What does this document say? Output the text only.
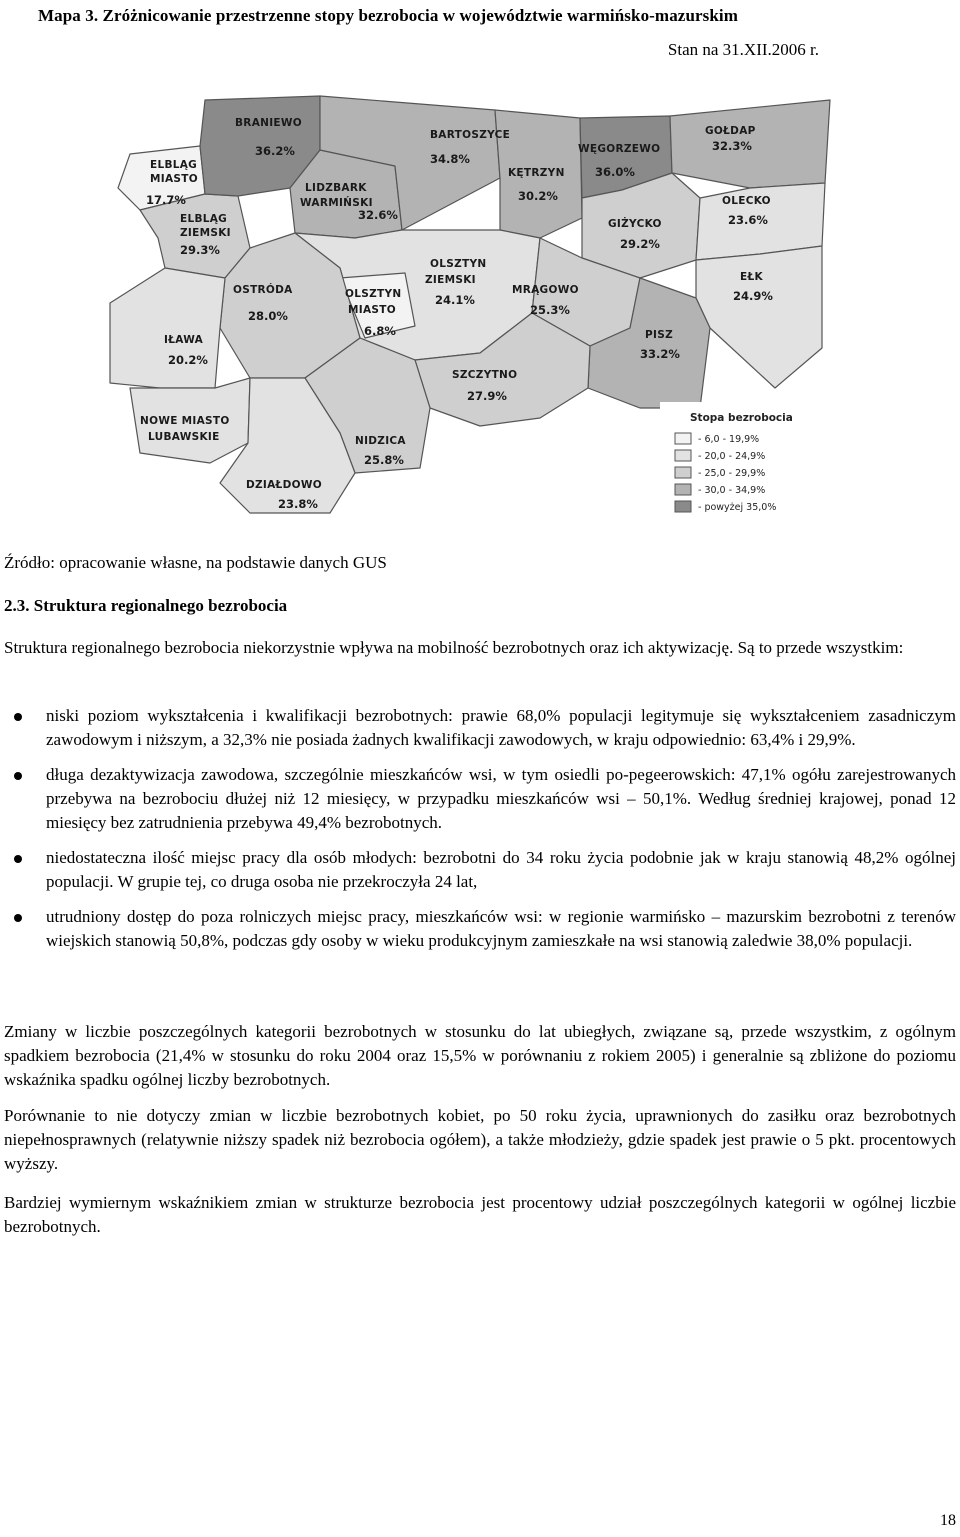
Mapa 3. Zróżnicowanie przestrzenne stopy bezrobocia w województwie warmińsko-mazurskim
Stan na 31.XII.2006 r.
BRANIEWO
36.2%
BARTOSZYCE
34.8%
KĘTRZYN
30.2%
WĘGORZEWO
36.0%
GOŁDAP
32.3%
ELBLĄG
MIASTO
17.7%
LIDZBARK
WARMIŃSKI
32.6%
ELBLĄG
ZIEMSKI
29.3%
GIŻYCKO
29.2%
OLECKO
23.6%
OLSZTYN
ZIEMSKI
24.1%
EŁK
24.9%
OSTRÓDA
28.0%
OLSZTYN
MIASTO
6.8%
MRĄGOWO
25.3%
IŁAWA
20.2%
PISZ
33.2%
SZCZYTNO
27.9%
NOWE MIASTO
LUBAWSKIE	NIDZICA
25.8%
DZIAŁDOWO
23.8%
Stopa bezrobocia
- 6,0 - 19,9%
- 20,0 - 24,9%
- 25,0 - 29,9%
- 30,0 - 34,9%
- powyżej 35,0%
Źródło: opracowanie własne, na podstawie danych GUS
2.3. Struktura regionalnego bezrobocia
Struktura regionalnego bezrobocia niekorzystnie wpływa na mobilność bezrobotnych oraz ich aktywizację. Są to przede wszystkim:
niski poziom wykształcenia i kwalifikacji bezrobotnych: prawie 68,0% populacji legitymuje się wykształceniem zasadniczym zawodowym i niższym, a 32,3% nie posiada żadnych kwalifikacji zawodowych, w kraju odpowiednio: 63,4% i 29,9%.
długa dezaktywizacja zawodowa, szczególnie mieszkańców wsi, w tym osiedli po-pegeerowskich: 47,1% ogółu zarejestrowanych przebywa na bezrobociu dłużej niż 12 miesięcy, w przypadku mieszkańców wsi – 50,1%. Według średniej krajowej, ponad 12 miesięcy bez zatrudnienia przebywa 49,4% bezrobotnych.
niedostateczna ilość miejsc pracy dla osób młodych: bezrobotni do 34 roku życia podobnie jak w kraju stanowią 48,2% ogólnej populacji. W grupie tej, co druga osoba nie przekroczyła 24 lat,
utrudniony dostęp do poza rolniczych miejsc pracy, mieszkańców wsi: w regionie warmińsko – mazurskim bezrobotni z terenów wiejskich stanowią 50,8%, podczas gdy osoby w wieku produkcyjnym zamieszkałe na wsi stanowią zaledwie 38,0% populacji.
Zmiany w liczbie poszczególnych kategorii bezrobotnych w stosunku do lat ubiegłych, związane są, przede wszystkim, z ogólnym spadkiem bezrobocia (21,4% w stosunku do roku 2004 oraz 15,5% w porównaniu z rokiem 2005) i generalnie są zbliżone do poziomu wskaźnika spadku ogólnej liczby bezrobotnych.
Porównanie to nie dotyczy zmian w liczbie bezrobotnych kobiet, po 50 roku życia, uprawnionych do zasiłku oraz bezrobotnych niepełnosprawnych (relatywnie niższy spadek niż bezrobocia ogółem), a także młodzieży, gdzie spadek jest prawie o 5 pkt. procentowych wyższy.
Bardziej wymiernym wskaźnikiem zmian w strukturze bezrobocia jest procentowy udział poszczególnych kategorii w ogólnej liczbie bezrobotnych.
18
